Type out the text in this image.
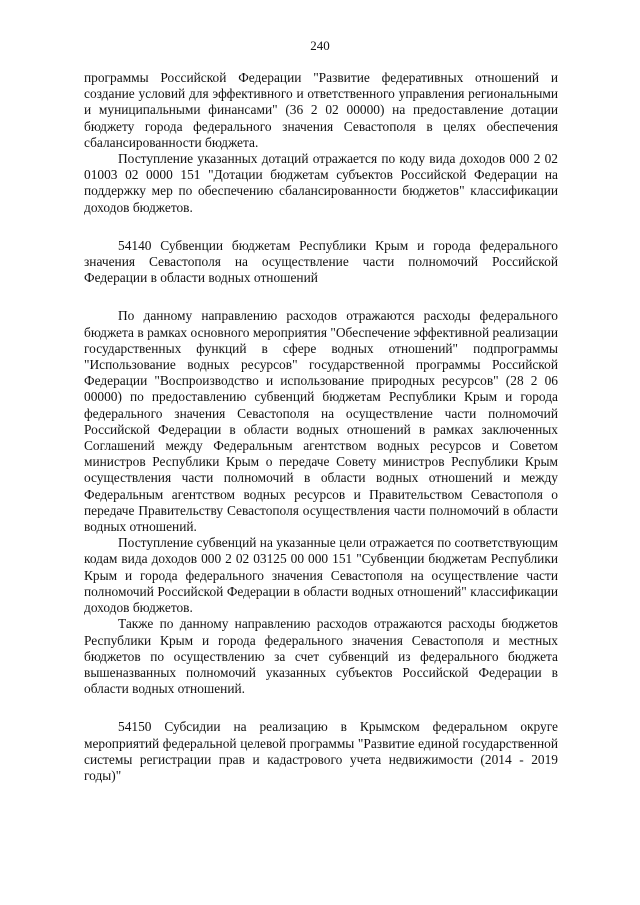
240

программы Российской Федерации "Развитие федеративных отношений и создание условий для эффективного и ответственного управления региональными и муниципальными финансами" (36 2 02 00000) на предоставление дотации бюджету города федерального значения Севастополя в целях обеспечения сбалансированности бюджета.

Поступление указанных дотаций отражается по коду вида доходов 000 2 02 01003 02 0000 151 "Дотации бюджетам субъектов Российской Федерации на поддержку мер по обеспечению сбалансированности бюджетов" классификации доходов бюджетов.

54140 Субвенции бюджетам Республики Крым и города федерального значения Севастополя на осуществление части полномочий Российской Федерации в области водных отношений

По данному направлению расходов отражаются расходы федерального бюджета в рамках основного мероприятия "Обеспечение эффективной реализации государственных функций в сфере водных отношений" подпрограммы "Использование водных ресурсов" государственной программы Российской Федерации "Воспроизводство и использование природных ресурсов" (28 2 06 00000) по предоставлению субвенций бюджетам Республики Крым и города федерального значения Севастополя на осуществление части полномочий Российской Федерации в области водных отношений в рамках заключенных Соглашений между Федеральным агентством водных ресурсов и Советом министров Республики Крым о передаче Совету министров Республики Крым осуществления части полномочий в области водных отношений и между Федеральным агентством водных ресурсов и Правительством Севастополя о передаче Правительству Севастополя осуществления части полномочий в области водных отношений.

Поступление субвенций на указанные цели отражается по соответствующим кодам вида доходов 000 2 02 03125 00 000 151 "Субвенции бюджетам Республики Крым и города федерального значения Севастополя на осуществление части полномочий Российской Федерации в области водных отношений" классификации доходов бюджетов.

Также по данному направлению расходов отражаются расходы бюджетов Республики Крым и города федерального значения Севастополя и местных бюджетов по осуществлению за счет субвенций из федерального бюджета вышеназванных полномочий указанных субъектов Российской Федерации в области водных отношений.

54150 Субсидии на реализацию в Крымском федеральном округе мероприятий федеральной целевой программы "Развитие единой государственной системы регистрации прав и кадастрового учета недвижимости (2014 - 2019 годы)"
